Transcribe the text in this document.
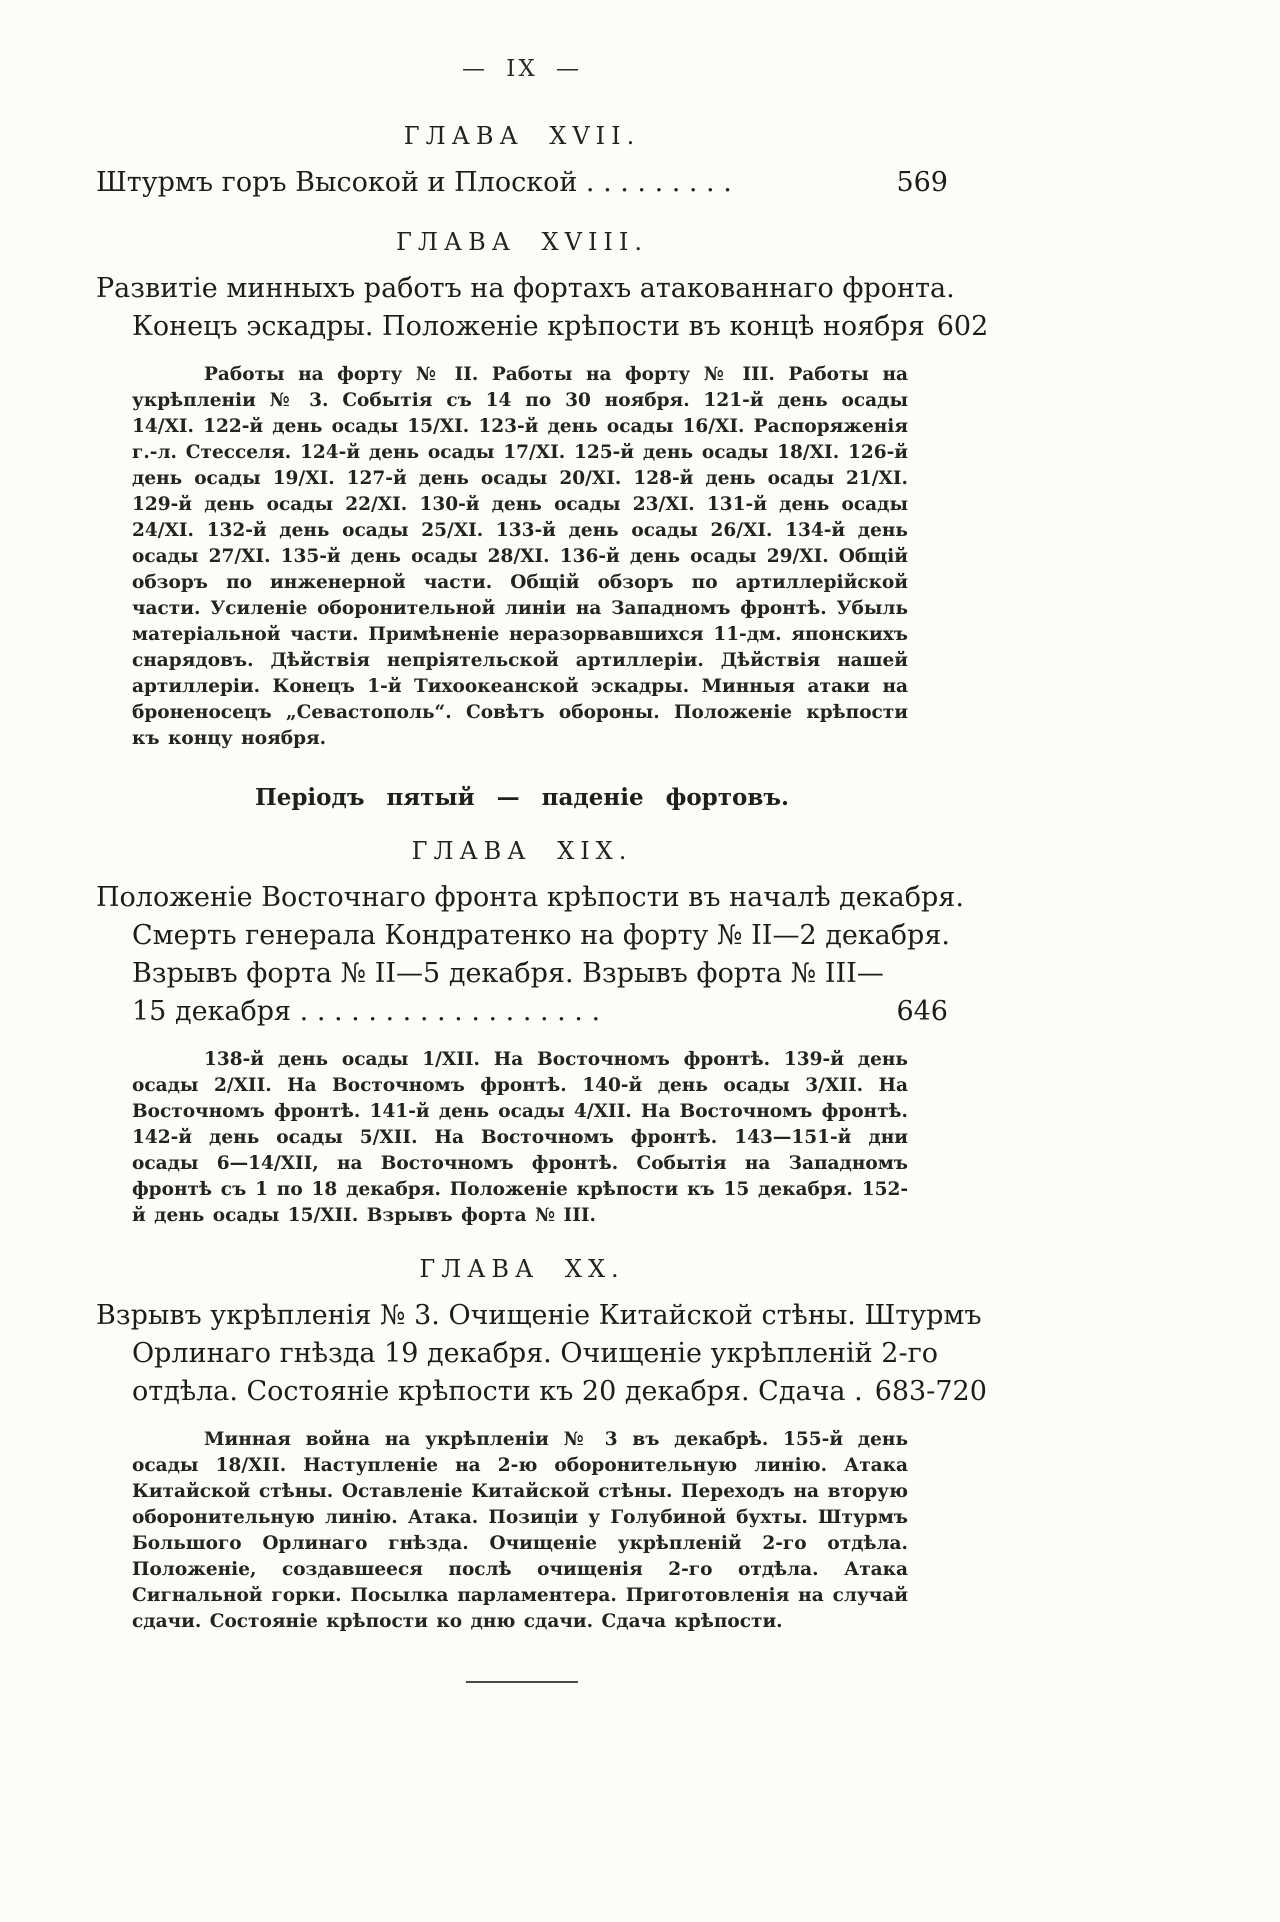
— IX —
ГЛАВА XVII.
Штурмъ горъ Высокой и Плоской . . . . . . . . .	569
ГЛАВА XVIII.
Развитіе минныхъ работъ на фортахъ атакованнаго фронта.
Конецъ эскадры. Положеніе крѣпости въ концѣ ноября 602

Работы на форту № II. Работы на форту № III. Работы на укрѣпленіи № 3. Событія съ 14 по 30 ноября. 121-й день осады 14/XI. 122-й день осады 15/XI. 123-й день осады 16/XI. Распоряженія г.-л. Стесселя. 124-й день осады 17/XI. 125-й день осады 18/XI. 126-й день осады 19/XI. 127-й день осады 20/XI. 128-й день осады 21/XI. 129-й день осады 22/XI. 130-й день осады 23/XI. 131-й день осады 24/XI. 132-й день осады 25/XI. 133-й день осады 26/XI. 134-й день осады 27/XI. 135-й день осады 28/XI. 136-й день осады 29/XI. Общій обзоръ по инженерной части. Общій обзоръ по артиллерійской части. Усиленіе оборонительной линіи на Западномъ фронтѣ. Убыль матеріальной части. Примѣненіе неразорвавшихся 11-дм. японскихъ снарядовъ. Дѣйствія непріятельской артиллеріи. Дѣйствія нашей артиллеріи. Конецъ 1-й Тихоокеанской эскадры. Минныя атаки на броненосецъ „Севастополь“. Совѣтъ обороны. Положеніе крѣпости къ концу ноября.

Періодъ пятый — паденіе фортовъ.
ГЛАВА XIX.
Положеніе Восточнаго фронта крѣпости въ началѣ декабря.
Смерть генерала Кондратенко на форту № II—2 декабря.
Взрывъ форта № II—5 декабря. Взрывъ форта № III—
15 декабря . . . . . . . . . . . . . . . . . .	646

138-й день осады 1/XII. На Восточномъ фронтѣ. 139-й день осады 2/XII. На Восточномъ фронтѣ. 140-й день осады 3/XII. На Восточномъ фронтѣ. 141-й день осады 4/XII. На Восточномъ фронтѣ. 142-й день осады 5/XII. На Восточномъ фронтѣ. 143—151-й дни осады 6—14/XII, на Восточномъ фронтѣ. Событія на Западномъ фронтѣ съ 1 по 18 декабря. Положеніе крѣпости къ 15 декабря. 152-й день осады 15/XII. Взрывъ форта № III.

ГЛАВА XX.
Взрывъ укрѣпленія № 3. Очищеніе Китайской стѣны. Штурмъ
Орлинаго гнѣзда 19 декабря. Очищеніе укрѣпленій 2-го
отдѣла. Состояніе крѣпости къ 20 декабря. Сдача . 683-720

Минная война на укрѣпленіи № 3 въ декабрѣ. 155-й день осады 18/XII. Наступленіе на 2-ю оборонительную линію. Атака Китайской стѣны. Оставленіе Китайской стѣны. Переходъ на вторую оборонительную линію. Атака. Позиціи у Голубиной бухты. Штурмъ Большого Орлинаго гнѣзда. Очищеніе укрѣпленій 2-го отдѣла. Положеніе, создавшееся послѣ очищенія 2-го отдѣла. Атака Сигнальной горки. Посылка парламентера. Приготовленія на случай сдачи. Состояніе крѣпости ко дню сдачи. Сдача крѣпости.
